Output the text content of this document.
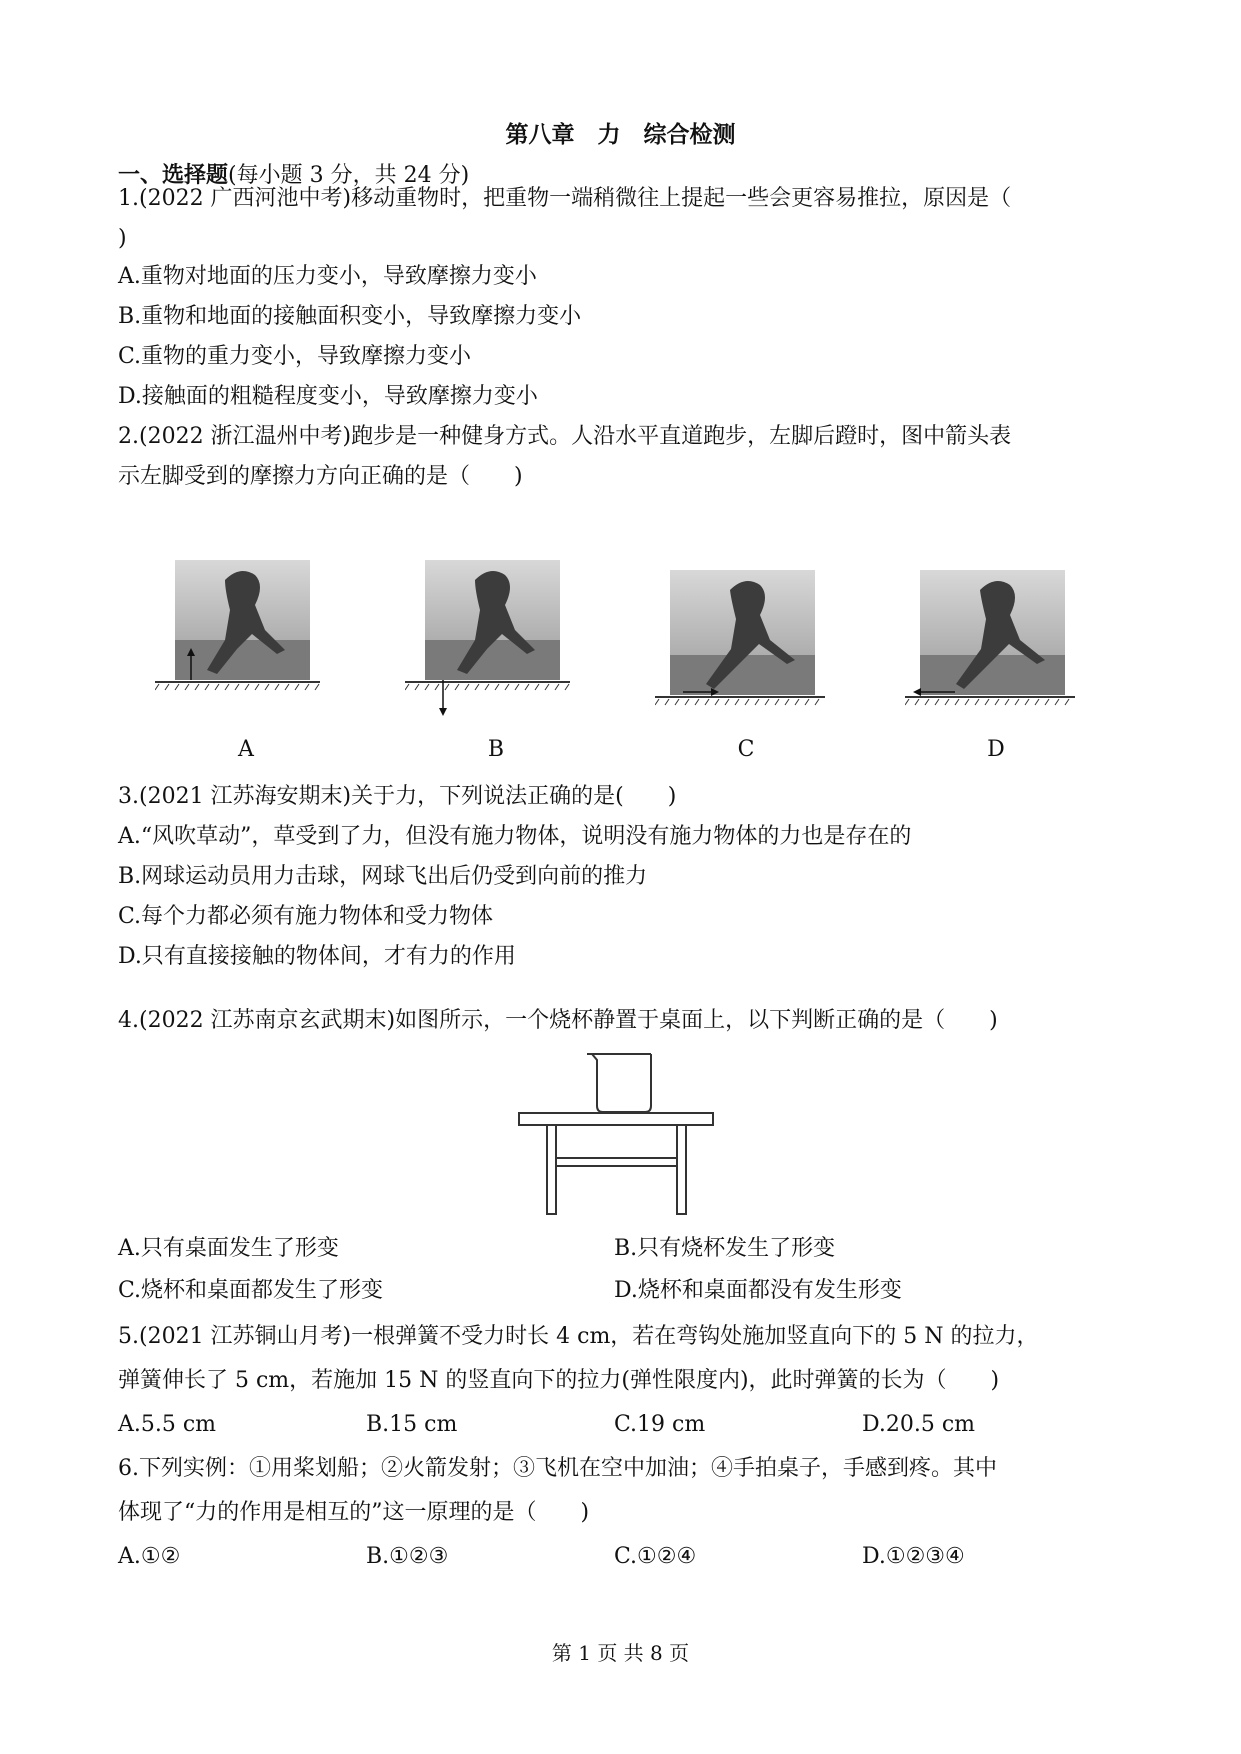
第八章　力　综合检测
一、选择题(每小题 3 分，共 24 分)
1.(2022 广西河池中考)移动重物时，把重物一端稍微往上提起一些会更容易推拉，原因是（
)
A.重物对地面的压力变小，导致摩擦力变小
B.重物和地面的接触面积变小，导致摩擦力变小
C.重物的重力变小，导致摩擦力变小
D.接触面的粗糙程度变小，导致摩擦力变小
2.(2022 浙江温州中考)跑步是一种健身方式。人沿水平直道跑步，左脚后蹬时，图中箭头表
示左脚受到的摩擦力方向正确的是（　　)
A	B	C	D
3.(2021 江苏海安期末)关于力，下列说法正确的是(　　)
A.“风吹草动”，草受到了力，但没有施力物体，说明没有施力物体的力也是存在的
B.网球运动员用力击球，网球飞出后仍受到向前的推力
C.每个力都必须有施力物体和受力物体
D.只有直接接触的物体间，才有力的作用
4.(2022 江苏南京玄武期末)如图所示，一个烧杯静置于桌面上，以下判断正确的是（　　)
A.只有桌面发生了形变	B.只有烧杯发生了形变
C.烧杯和桌面都发生了形变	D.烧杯和桌面都没有发生形变
5.(2021 江苏铜山月考)一根弹簧不受力时长 4 cm，若在弯钩处施加竖直向下的 5 N 的拉力，
弹簧伸长了 5 cm，若施加 15 N 的竖直向下的拉力(弹性限度内)，此时弹簧的长为（　　)
A.5.5 cm	B.15 cm	C.19 cm	D.20.5 cm
6.下列实例：①用桨划船；②火箭发射；③飞机在空中加油；④手拍桌子，手感到疼。其中
体现了“力的作用是相互的”这一原理的是（　　)
A.①②	B.①②③	C.①②④	D.①②③④
第 1 页 共 8 页
